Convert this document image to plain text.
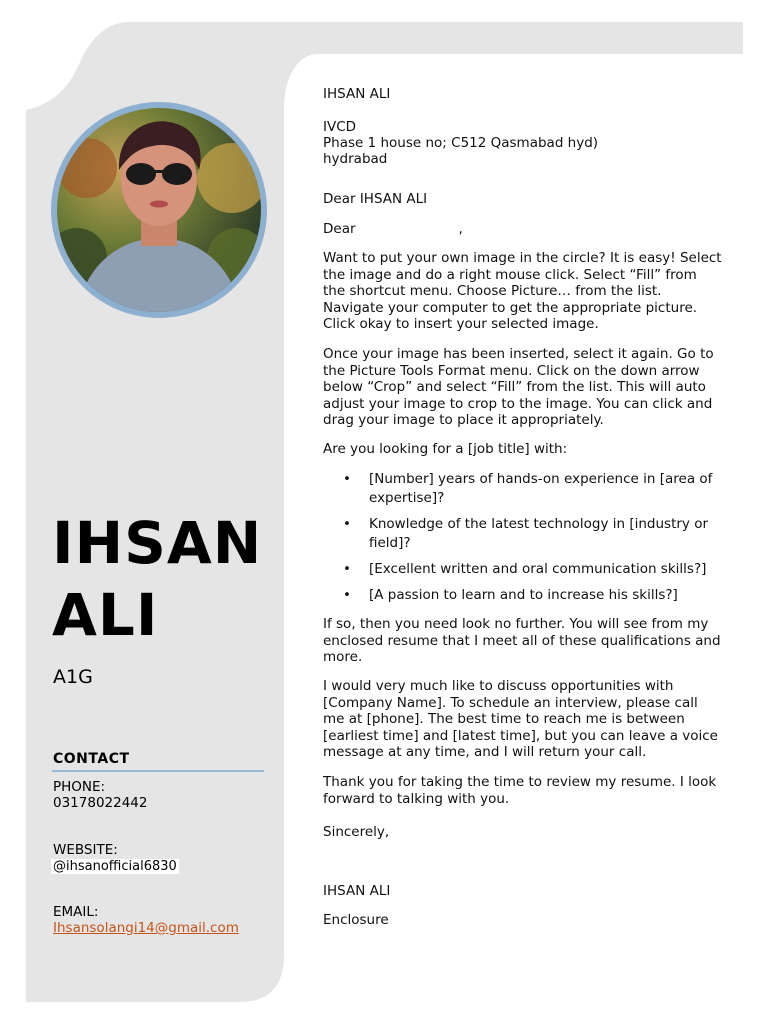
IHSAN
ALI

A1G

CONTACT

PHONE:

03178022442

WEBSITE:

@ihsanofficial6830

EMAIL:

Ihsansolangi14@gmail.com

IHSAN ALI

IVCD

Phase 1 house no; C512 Qasmabad hyd)

hydrabad

Dear IHSAN ALI

Dear                        ,

Want to put your own image in the circle? It is easy! Select the image and do a right mouse click. Select “Fill” from the shortcut menu. Choose Picture… from the list. Navigate your computer to get the appropriate picture. Click okay to insert your selected image.

Once your image has been inserted, select it again. Go to the Picture Tools Format menu. Click on the down arrow below “Crop” and select “Fill” from the list. This will auto adjust your image to crop to the image. You can click and drag your image to place it appropriately.

Are you looking for a [job title] with:

• [Number] years of hands-on experience in [area of expertise]?
• Knowledge of the latest technology in [industry or field]?
• [Excellent written and oral communication skills?]
• [A passion to learn and to increase his skills?]

If so, then you need look no further. You will see from my enclosed resume that I meet all of these qualifications and more.

I would very much like to discuss opportunities with [Company Name]. To schedule an interview, please call me at [phone]. The best time to reach me is between [earliest time] and [latest time], but you can leave a voice message at any time, and I will return your call.

Thank you for taking the time to review my resume. I look forward to talking with you.

Sincerely,

IHSAN ALI

Enclosure
